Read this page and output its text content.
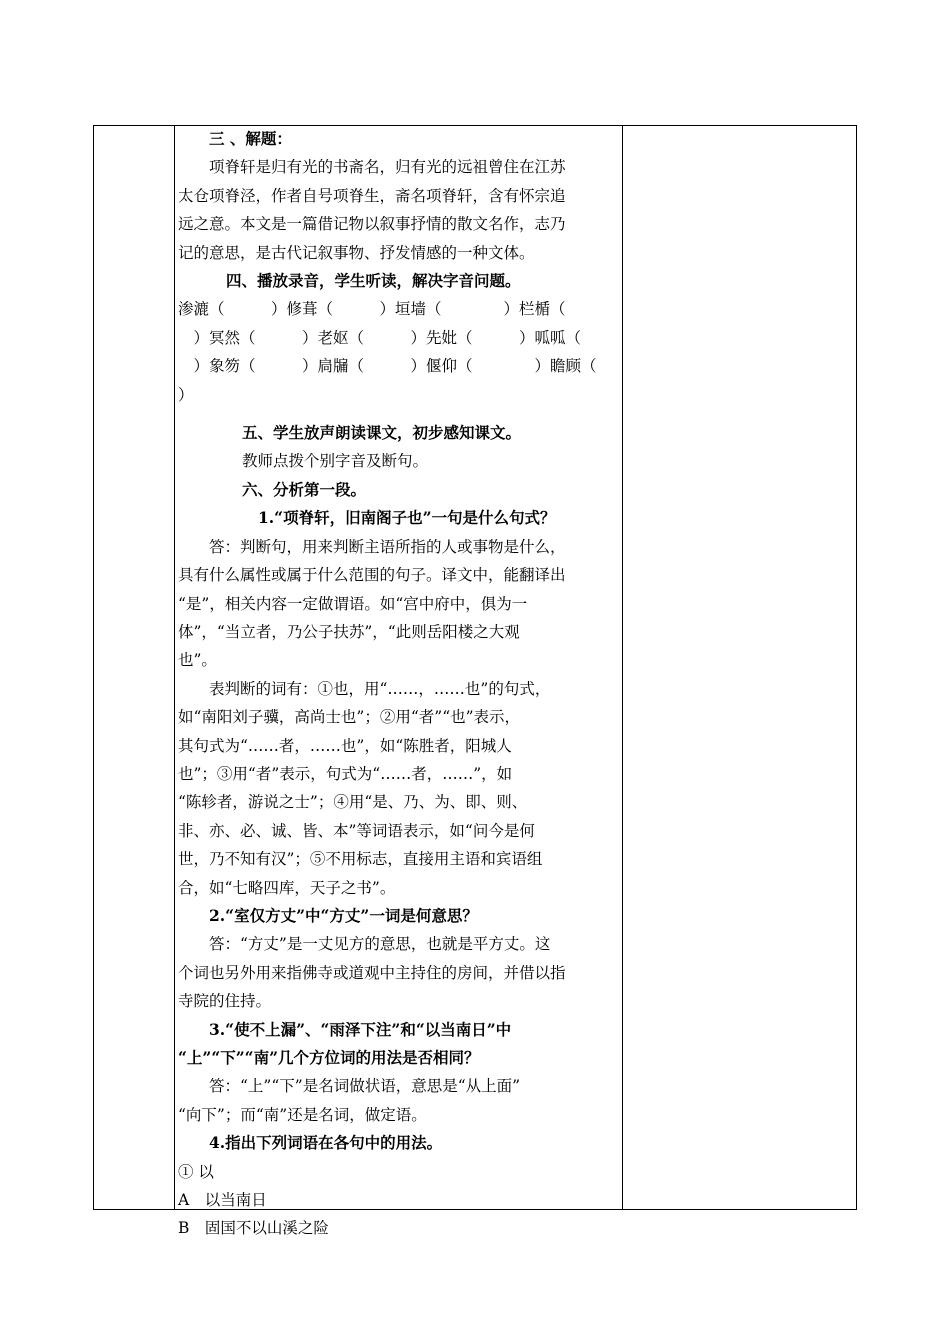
三 、解题：

项脊轩是归有光的书斋名，归有光的远祖曾住在江苏

太仓项脊泾，作者自号项脊生，斋名项脊轩，含有怀宗追

远之意。本文是一篇借记物以叙事抒情的散文名作，志乃

记的意思，是古代记叙事物、抒发情感的一种文体。

四、播放录音，学生听读，解决字音问题。

渗漉（　　　）修葺（　　　）垣墙（　　　　）栏楯（

　）冥然（　　　）老妪（　　　）先妣（　　　）呱呱（

　）象笏（　　　）扃牖（　　　）偃仰（　　　　）瞻顾（

）

五、学生放声朗读课文，初步感知课文。

教师点拨个别字音及断句。

六、分析第一段。

1.“项脊轩，旧南阁子也”一句是什么句式？

答：判断句，用来判断主语所指的人或事物是什么，

具有什么属性或属于什么范围的句子。译文中，能翻译出

“是”，相关内容一定做谓语。如“宫中府中，俱为一

体”，“当立者，乃公子扶苏”，“此则岳阳楼之大观

也”。

表判断的词有：①也，用“……，……也”的句式，

如“南阳刘子骥，高尚士也”；②用“者”“也”表示，

其句式为“……者，……也”，如“陈胜者，阳城人

也”；③用“者”表示，句式为“……者，……”，如

“陈轸者，游说之士”；④用“是、乃、为、即、则、

非、亦、必、诚、皆、本”等词语表示，如“问今是何

世，乃不知有汉”；⑤不用标志，直接用主语和宾语组

合，如“七略四库，天子之书”。

2.“室仅方丈”中“方丈”一词是何意思？

答：“方丈”是一丈见方的意思，也就是平方丈。这

个词也另外用来指佛寺或道观中主持住的房间，并借以指

寺院的住持。

3.“使不上漏”、“雨泽下注”和“以当南日”中

“上”“下”“南”几个方位词的用法是否相同？

答：“上”“下”是名词做状语，意思是“从上面”

“向下”；而“南”还是名词，做定语。

4.指出下列词语在各句中的用法。

① 以

A　以当南日

B　固国不以山溪之险
